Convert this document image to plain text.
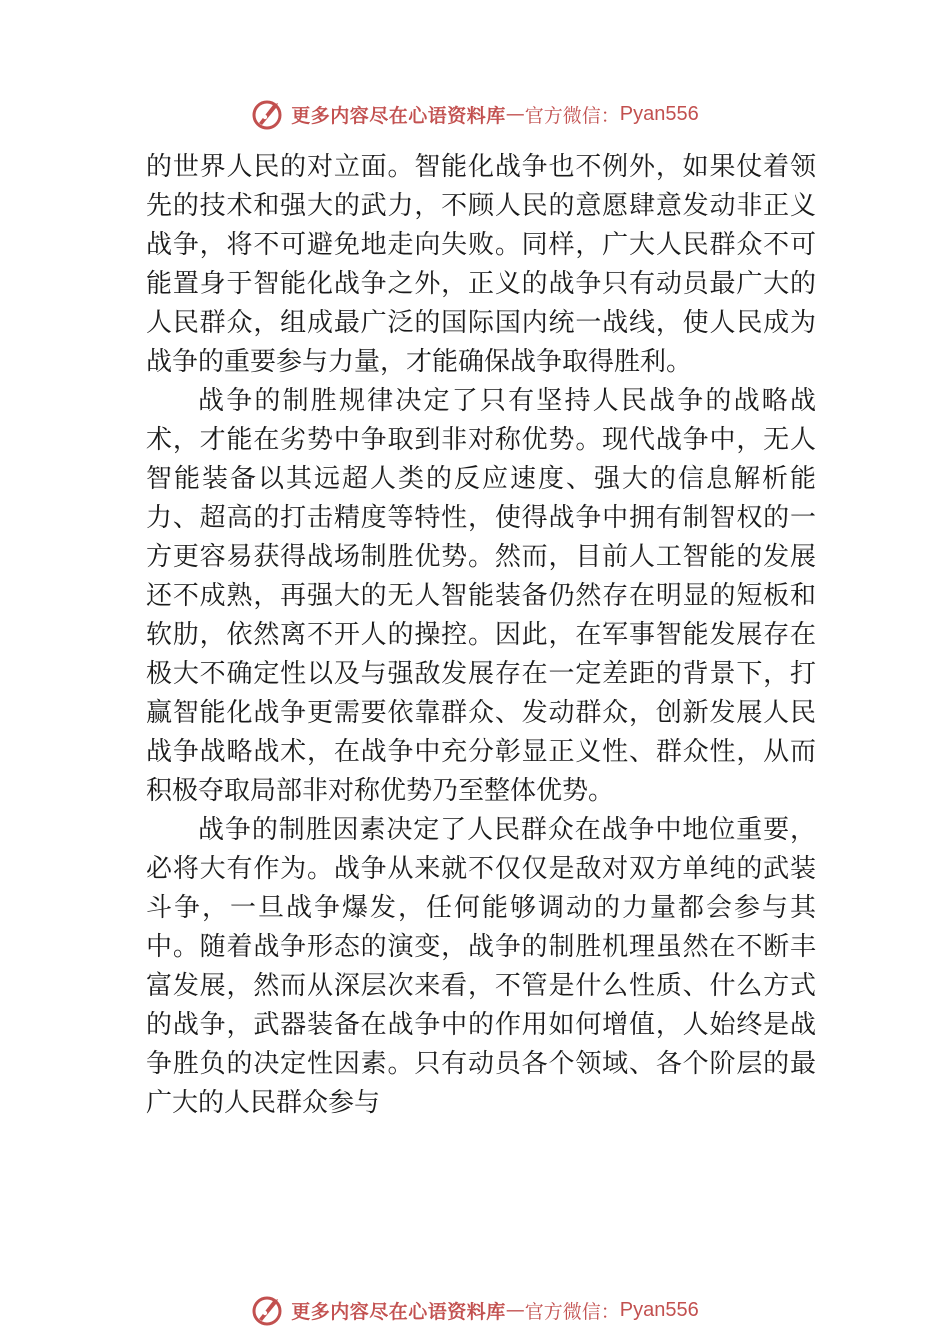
更多内容尽在心语资料库 — 官方微信： Pyan556

的世界人民的对立面。智能化战争也不例外，如果仗着领先的技术和强大的武力，不顾人民的意愿肆意发动非正义战争，将不可避免地走向失败。同样，广大人民群众不可能置身于智能化战争之外，正义的战争只有动员最广大的人民群众，组成最广泛的国际国内统一战线，使人民成为战争的重要参与力量，才能确保战争取得胜利。

战争的制胜规律决定了只有坚持人民战争的战略战术，才能在劣势中争取到非对称优势。现代战争中，无人智能装备以其远超人类的反应速度、强大的信息解析能力、超高的打击精度等特性，使得战争中拥有制智权的一方更容易获得战场制胜优势。然而，目前人工智能的发展还不成熟，再强大的无人智能装备仍然存在明显的短板和软肋，依然离不开人的操控。因此，在军事智能发展存在极大不确定性以及与强敌发展存在一定差距的背景下，打赢智能化战争更需要依靠群众、发动群众，创新发展人民战争战略战术，在战争中充分彰显正义性、群众性，从而积极夺取局部非对称优势乃至整体优势。

战争的制胜因素决定了人民群众在战争中地位重要，必将大有作为。战争从来就不仅仅是敌对双方单纯的武装斗争，一旦战争爆发，任何能够调动的力量都会参与其中。随着战争形态的演变，战争的制胜机理虽然在不断丰富发展，然而从深层次来看，不管是什么性质、什么方式的战争，武器装备在战争中的作用如何增值，人始终是战争胜负的决定性因素。只有动员各个领域、各个阶层的最广大的人民群众参与

更多内容尽在心语资料库 — 官方微信： Pyan556
